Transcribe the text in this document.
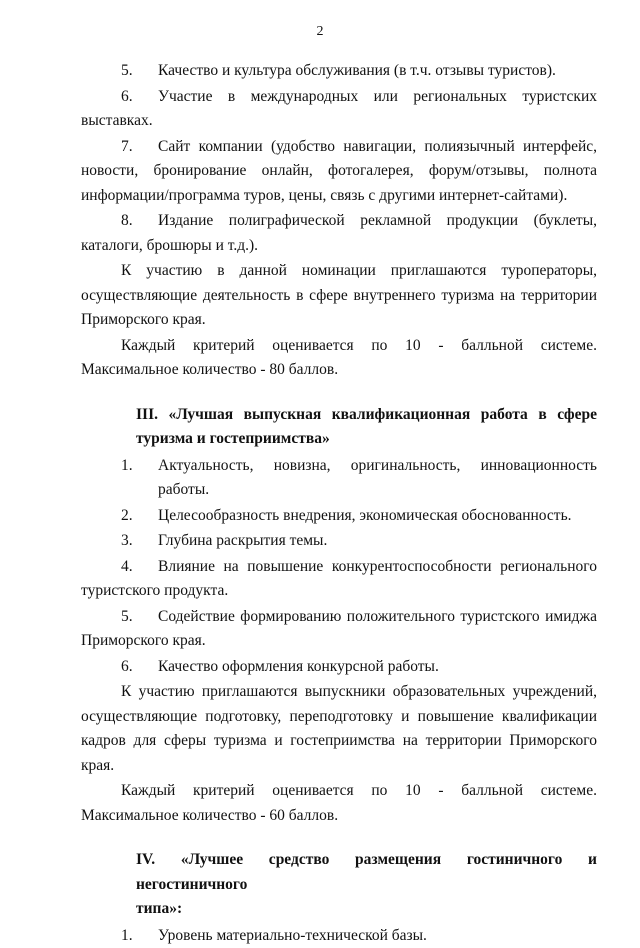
2
5.	Качество и культура обслуживания (в т.ч. отзывы туристов).
6.	Участие в международных или региональных туристских
выставках.
7.	Сайт компании (удобство навигации, полиязычный интерфейс,
новости, бронирование онлайн, фотогалерея, форум/отзывы, полнота
информации/программа туров, цены, связь с другими интернет-сайтами).
8.	Издание полиграфической рекламной продукции (буклеты,
каталоги, брошюры и т.д.).

К участию в данной номинации приглашаются туроператоры, осуществляющие деятельность в сфере внутреннего туризма на территории Приморского края.

Каждый критерий оценивается по 10 - балльной системе. Максимальное количество - 80 баллов.

III. «Лучшая выпускная квалификационная работа в сфере
туризма и гостеприимства»
1.	Актуальность, новизна, оригинальность, инновационность работы.
2.	Целесообразность внедрения, экономическая обоснованность.
3.	Глубина раскрытия темы.
4.	Влияние на повышение конкурентоспособности регионального
туристского продукта.
5.	Содействие формированию положительного туристского имиджа
Приморского края.
6.	Качество оформления конкурсной работы.

К участию приглашаются выпускники образовательных учреждений, осуществляющие подготовку, переподготовку и повышение квалификации кадров для сферы туризма и гостеприимства на территории Приморского края.

Каждый критерий оценивается по 10 - балльной системе. Максимальное количество - 60 баллов.

IV. «Лучшее средство размещения гостиничного и негостиничного
типа»:
1.	Уровень материально-технической базы.
